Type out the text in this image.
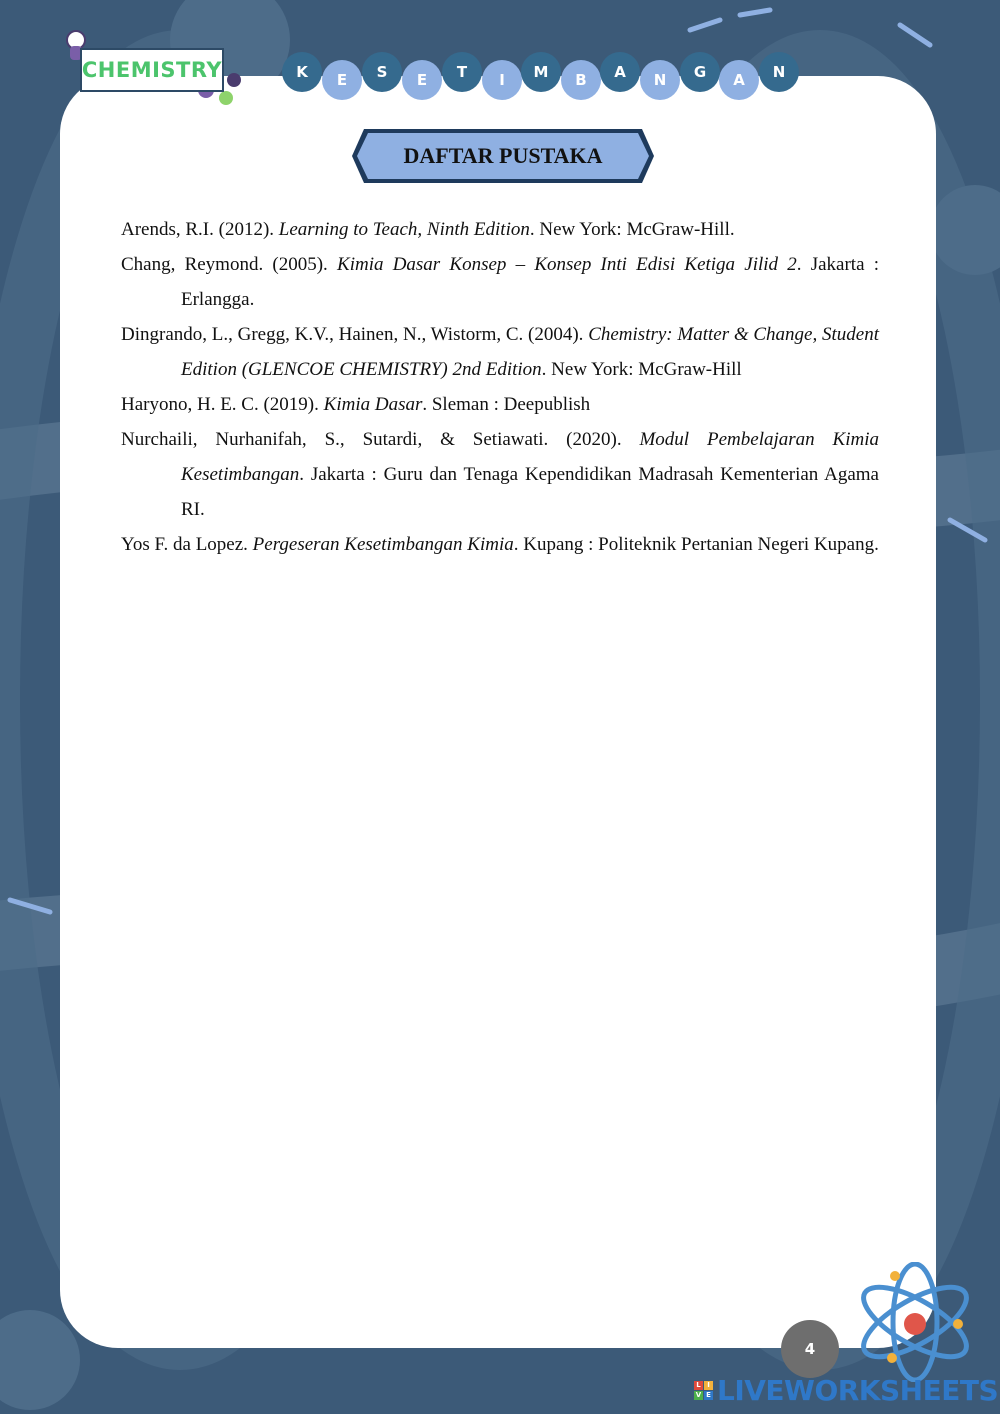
CHEMISTRY	K	E	S	E	T	I	M	B	A	N	G	A	N
DAFTAR PUSTAKA
Arends, R.I. (2012). Learning to Teach, Ninth Edition. New York: McGraw-Hill.
Chang, Reymond. (2005). Kimia Dasar Konsep – Konsep Inti Edisi Ketiga Jilid 2. Jakarta : Erlangga.
Dingrando, L., Gregg, K.V., Hainen, N., Wistorm, C. (2004). Chemistry: Matter & Change, Student Edition (GLENCOE CHEMISTRY) 2nd Edition. New York: McGraw-Hill
Haryono, H. E. C. (2019). Kimia Dasar. Sleman : Deepublish
Nurchaili, Nurhanifah, S., Sutardi, & Setiawati. (2020). Modul Pembelajaran Kimia Kesetimbangan. Jakarta : Guru dan Tenaga Kependidikan Madrasah Kementerian Agama RI.
Yos F. da Lopez. Pergeseran Kesetimbangan Kimia. Kupang : Politeknik Pertanian Negeri Kupang.
4
L I
V E LIVEWORKSHEETS
